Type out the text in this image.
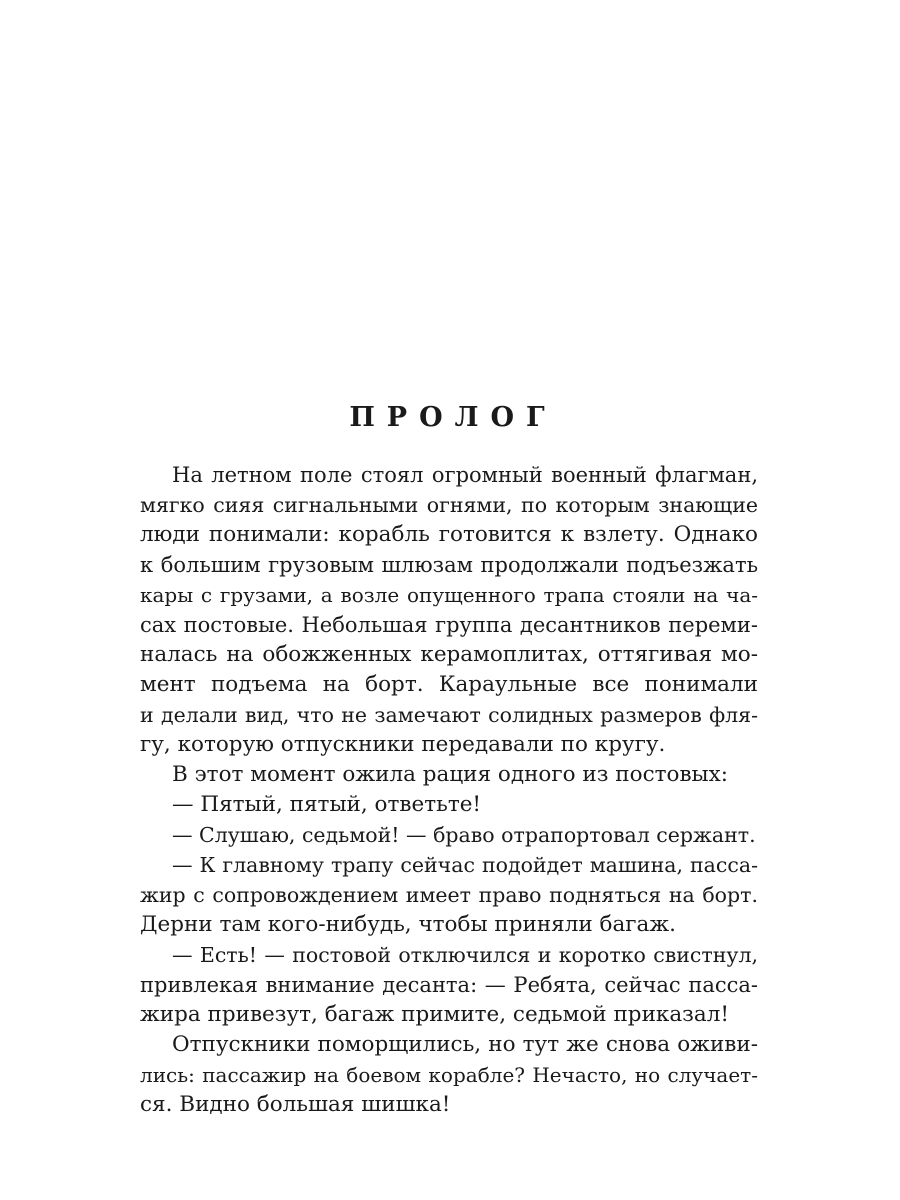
ПРОЛОГ
На летном поле стоял огромный военный флагман,
мягко сияя сигнальными огнями, по которым знающие
люди понимали: корабль готовится к взлету. Однако
к большим грузовым шлюзам продолжали подъезжать
кары с грузами, а возле опущенного трапа стояли на ча-
сах постовые. Небольшая группа десантников переми-
налась на обожженных керамоплитах, оттягивая мо-
мент подъема на борт. Караульные все понимали
и делали вид, что не замечают солидных размеров фля-
гу, которую отпускники передавали по кругу.
В этот момент ожила рация одного из постовых:
— Пятый, пятый, ответьте!
— Слушаю, седьмой! — браво отрапортовал сержант.
— К главному трапу сейчас подойдет машина, пасса-
жир с сопровождением имеет право подняться на борт.
Дерни там кого-нибудь, чтобы приняли багаж.
— Есть! — постовой отключился и коротко свистнул,
привлекая внимание десанта: — Ребята, сейчас пасса-
жира привезут, багаж примите, седьмой приказал!
Отпускники поморщились, но тут же снова оживи-
лись: пассажир на боевом корабле? Нечасто, но случает-
ся. Видно большая шишка!
